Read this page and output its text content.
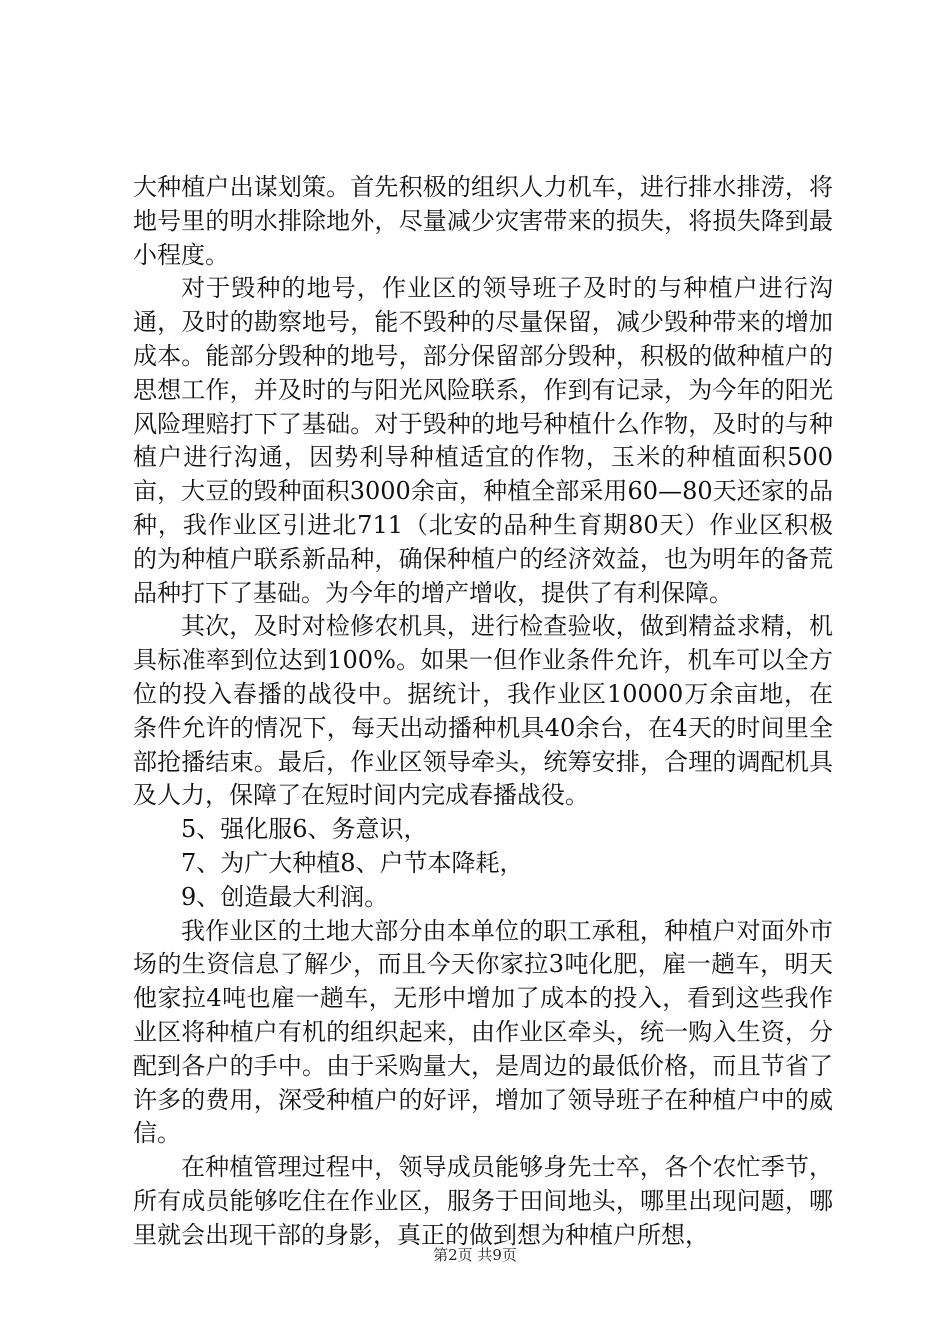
大种植户出谋划策。首先积极的组织人力机车，进行排水排涝，将地号里的明水排除地外，尽量减少灾害带来的损失，将损失降到最小程度。

对于毁种的地号，作业区的领导班子及时的与种植户进行沟通，及时的勘察地号，能不毁种的尽量保留，减少毁种带来的增加成本。能部分毁种的地号，部分保留部分毁种，积极的做种植户的思想工作，并及时的与阳光风险联系，作到有记录，为今年的阳光风险理赔打下了基础。对于毁种的地号种植什么作物，及时的与种植户进行沟通，因势利导种植适宜的作物，玉米的种植面积500亩，大豆的毁种面积3000余亩，种植全部采用60—80天还家的品种，我作业区引进北711（北安的品种生育期80天）作业区积极的为种植户联系新品种，确保种植户的经济效益，也为明年的备荒品种打下了基础。为今年的增产增收，提供了有利保障。

其次，及时对检修农机具，进行检查验收，做到精益求精，机具标准率到位达到100%。如果一但作业条件允许，机车可以全方位的投入春播的战役中。据统计，我作业区10000万余亩地，在条件允许的情况下，每天出动播种机具40余台，在4天的时间里全部抢播结束。最后，作业区领导牵头，统筹安排，合理的调配机具及人力，保障了在短时间内完成春播战役。

5、强化服6、务意识，

7、为广大种植8、户节本降耗，

9、创造最大利润。

我作业区的土地大部分由本单位的职工承租，种植户对面外市场的生资信息了解少，而且今天你家拉3吨化肥，雇一趟车，明天他家拉4吨也雇一趟车，无形中增加了成本的投入，看到这些我作业区将种植户有机的组织起来，由作业区牵头，统一购入生资，分配到各户的手中。由于采购量大，是周边的最低价格，而且节省了许多的费用，深受种植户的好评，增加了领导班子在种植户中的威信。

在种植管理过程中，领导成员能够身先士卒，各个农忙季节，所有成员能够吃住在作业区，服务于田间地头，哪里出现问题，哪里就会出现干部的身影，真正的做到想为种植户所想，

第2页 共9页
